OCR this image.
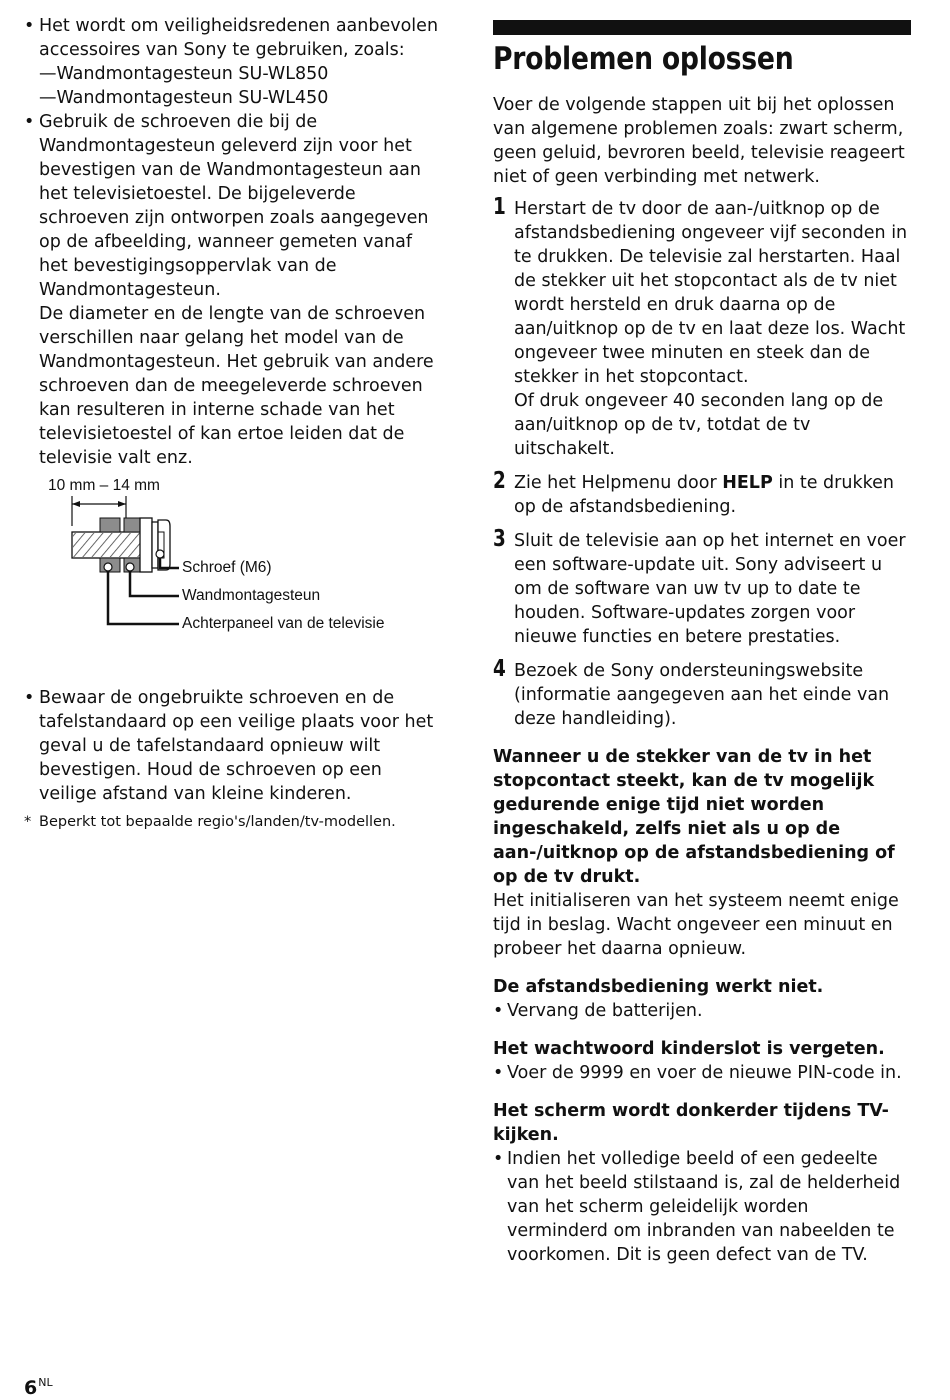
• Het wordt om veiligheidsredenen aanbevolen accessoires van Sony te gebruiken, zoals:
—Wandmontagesteun SU-WL850
—Wandmontagesteun SU-WL450
• Gebruik de schroeven die bij de Wandmontagesteun geleverd zijn voor het bevestigen van de Wandmontagesteun aan het televisietoestel. De bijgeleverde schroeven zijn ontworpen zoals aangegeven op de afbeelding, wanneer gemeten vanaf het bevestigingsoppervlak van de Wandmontagesteun.
De diameter en de lengte van de schroeven verschillen naar gelang het model van de Wandmontagesteun. Het gebruik van andere schroeven dan de meegeleverde schroeven kan resulteren in interne schade van het televisietoestel of kan ertoe leiden dat de televisie valt enz.
10 mm – 14 mm
Schroef (M6)
Wandmontagesteun
Achterpaneel van de televisie
• Bewaar de ongebruikte schroeven en de tafelstandaard op een veilige plaats voor het geval u de tafelstandaard opnieuw wilt bevestigen. Houd de schroeven op een veilige afstand van kleine kinderen.
* Beperkt tot bepaalde regio's/landen/tv-modellen.
Problemen oplossen
Voer de volgende stappen uit bij het oplossen van algemene problemen zoals: zwart scherm, geen geluid, bevroren beeld, televisie reageert niet of geen verbinding met netwerk.
1 Herstart de tv door de aan-/uitknop op de afstandsbediening ongeveer vijf seconden in te drukken. De televisie zal herstarten. Haal de stekker uit het stopcontact als de tv niet wordt hersteld en druk daarna op de aan/uitknop op de tv en laat deze los. Wacht ongeveer twee minuten en steek dan de stekker in het stopcontact.

Of druk ongeveer 40 seconden lang op de aan/uitknop op de tv, totdat de tv uitschakelt.

2 Zie het Helpmenu door HELP in te drukken op de afstandsbediening.

3 Sluit de televisie aan op het internet en voer een software-update uit. Sony adviseert u om de software van uw tv up to date te houden. Software-updates zorgen voor nieuwe functies en betere prestaties.

4 Bezoek de Sony ondersteuningswebsite (informatie aangegeven aan het einde van deze handleiding).

Wanneer u de stekker van de tv in het stopcontact steekt, kan de tv mogelijk gedurende enige tijd niet worden ingeschakeld, zelfs niet als u op de aan-/uitknop op de afstandsbediening of op de tv drukt.
Het initialiseren van het systeem neemt enige tijd in beslag. Wacht ongeveer een minuut en probeer het daarna opnieuw.
De afstandsbediening werkt niet.
• Vervang de batterijen.
Het wachtwoord kinderslot is vergeten.
• Voer de 9999 en voer de nieuwe PIN-code in.
Het scherm wordt donkerder tijdens TV-kijken.
• Indien het volledige beeld of een gedeelte van het beeld stilstaand is, zal de helderheid van het scherm geleidelijk worden verminderd om inbranden van nabeelden te voorkomen. Dit is geen defect van de TV.
$6^{NL}$
